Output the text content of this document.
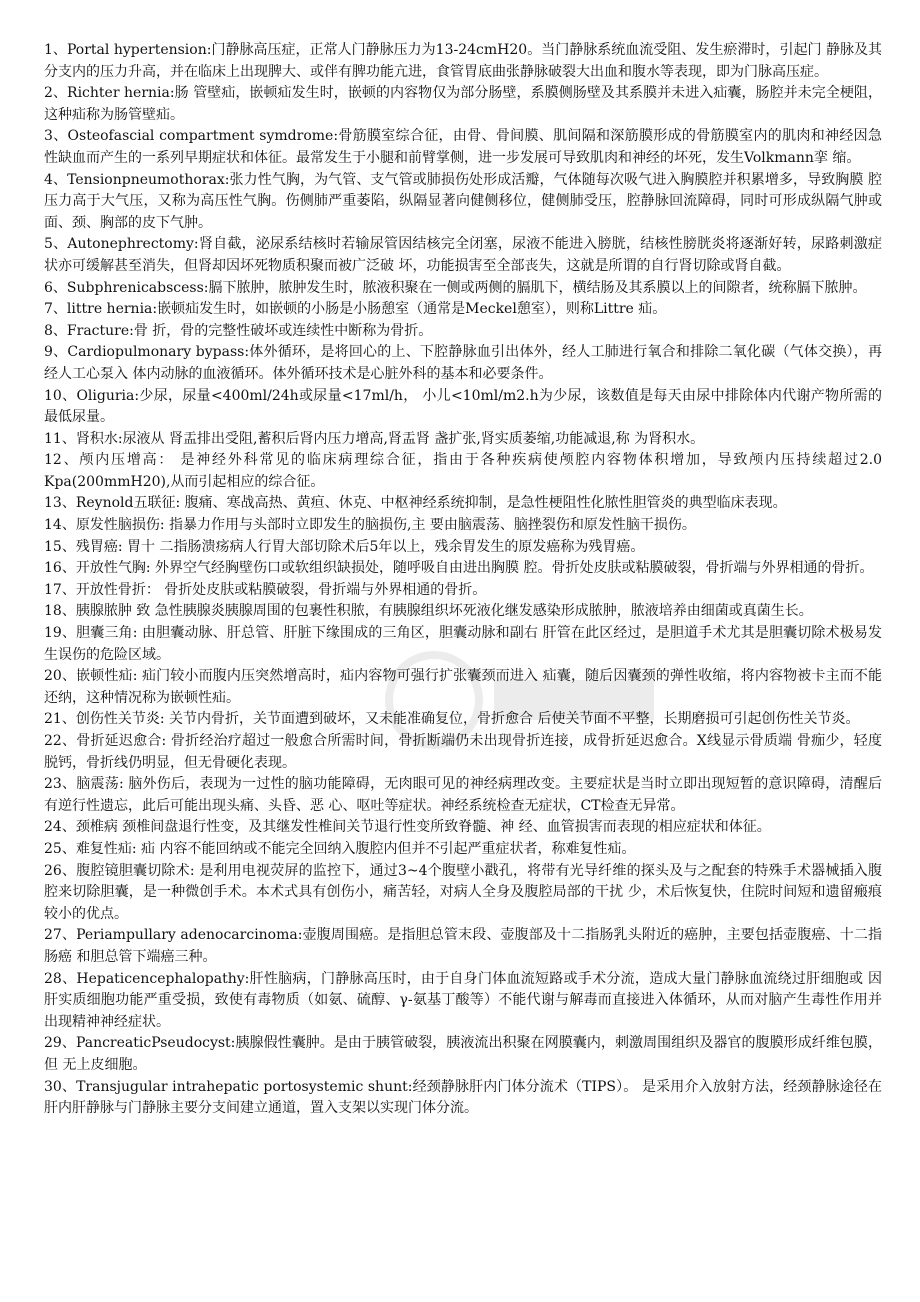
1、Portal hypertension:门静脉高压症，正常人门静脉压力为13-24cmH20。当门静脉系统血流受阻、发生瘀滞时，引起门 静脉及其分支内的压力升高，并在临床上出现脾大、或伴有脾功能亢进，食管胃底曲张静脉破裂大出血和腹水等表现，即为门脉高压症。

2、Richter hernia:肠 管壁疝，嵌顿疝发生时，嵌顿的内容物仅为部分肠壁，系膜侧肠壁及其系膜并未进入疝囊，肠腔并未完全梗阻，这种疝称为肠管壁疝。

3、Osteofascial compartment symdrome:骨筋膜室综合征，由骨、骨间膜、肌间隔和深筋膜形成的骨筋膜室内的肌肉和神经因急 性缺血而产生的一系列早期症状和体征。最常发生于小腿和前臂掌侧，进一步发展可导致肌肉和神经的坏死，发生Volkmann挛 缩。

4、Tensionpneumothorax:张力性气胸，为气管、支气管或肺损伤处形成活瓣，气体随每次吸气进入胸膜腔并积累增多，导致胸膜 腔压力高于大气压，又称为高压性气胸。伤侧肺严重萎陷，纵隔显著向健侧移位，健侧肺受压，腔静脉回流障碍，同时可形成纵隔气肿或面、颈、胸部的皮下气肿。

5、Autonephrectomy:肾自截，泌尿系结核时若输尿管因结核完全闭塞，尿液不能进入膀胱，结核性膀胱炎将逐渐好转，尿路刺激症状亦可缓解甚至消失，但肾却因坏死物质积聚而被广泛破 坏，功能损害至全部丧失，这就是所谓的自行肾切除或肾自截。

6、Subphrenicabscess:膈下脓肿，脓肿发生时，脓液积聚在一侧或两侧的膈肌下，横结肠及其系膜以上的间隙者，统称膈下脓肿。

7、littre hernia:嵌顿疝发生时，如嵌顿的小肠是小肠憩室（通常是Meckel憩室），则称Littre 疝。

8、Fracture:骨 折，骨的完整性破坏或连续性中断称为骨折。

9、Cardiopulmonary bypass:体外循环，是将回心的上、下腔静脉血引出体外，经人工肺进行氧合和排除二氧化碳（气体交换），再经人工心泵入 体内动脉的血液循环。体外循环技术是心脏外科的基本和必要条件。

10、Oliguria:少尿，尿量<400ml/24h或尿量<17ml/h， 小儿<10ml/m2.h为少尿，该数值是每天由尿中排除体内代谢产物所需的最低尿量。

11、肾积水:尿液从 肾盂排出受阻,蓄积后肾内压力增高,肾盂肾 盏扩张,肾实质萎缩,功能减退,称 为肾积水。

12、颅内压增高： 是神经外科常见的临床病理综合征，指由于各种疾病使颅腔内容物体积增加，导致颅内压持续超过2.0 Kpa(200mmH20),从而引起相应的综合征。

13、Reynold五联征: 腹痛、寒战高热、黄疸、休克、中枢神经系统抑制，是急性梗阻性化脓性胆管炎的典型临床表现。

14、原发性脑损伤: 指暴力作用与头部时立即发生的脑损伤,主 要由脑震荡、脑挫裂伤和原发性脑干损伤。

15、残胃癌: 胃十 二指肠溃疡病人行胃大部切除术后5年以上，残余胃发生的原发癌称为残胃癌。

16、开放性气胸: 外界空气经胸壁伤口或软组织缺损处，随呼吸自由进出胸膜 腔。骨折处皮肤或粘膜破裂，骨折端与外界相通的骨折。

17、开放性骨折： 骨折处皮肤或粘膜破裂，骨折端与外界相通的骨折。

18、胰腺脓肿 致 急性胰腺炎胰腺周围的包裹性积脓，有胰腺组织坏死液化继发感染形成脓肿，脓液培养由细菌或真菌生长。

19、胆囊三角: 由胆囊动脉、肝总管、肝脏下缘围成的三角区，胆囊动脉和副右 肝管在此区经过，是胆道手术尤其是胆囊切除术极易发生误伤的危险区域。

20、嵌顿性疝: 疝门较小而腹内压突然增高时，疝内容物可强行扩张囊颈而进入 疝囊，随后因囊颈的弹性收缩，将内容物被卡主而不能还纳，这种情况称为嵌顿性疝。

21、创伤性关节炎: 关节内骨折，关节面遭到破坏，又未能准确复位，骨折愈合 后使关节面不平整，长期磨损可引起创伤性关节炎。

22、骨折延迟愈合: 骨折经治疗超过一般愈合所需时间，骨折断端仍未出现骨折连接，成骨折延迟愈合。X线显示骨质端 骨痂少，轻度脱钙，骨折线仍明显，但无骨硬化表现。

23、脑震荡: 脑外伤后，表现为一过性的脑功能障碍，无肉眼可见的神经病理改变。主要症状是当时立即出现短暂的意识障碍，清醒后有逆行性遗忘，此后可能出现头痛、头昏、恶 心、呕吐等症状。神经系统检查无症状，CT检查无异常。

24、颈椎病 颈椎间盘退行性变，及其继发性椎间关节退行性变所致脊髓、神 经、血管损害而表现的相应症状和体征。

25、难复性疝: 疝 内容不能回纳或不能完全回纳入腹腔内但并不引起严重症状者，称难复性疝。

26、腹腔镜胆囊切除术: 是利用电视荧屏的监控下，通过3~4个腹壁小戳孔，将带有光导纤维的探头及与之配套的特殊手术器械插入腹腔来切除胆囊，是一种微创手术。本术式具有创伤小，痛苦轻，对病人全身及腹腔局部的干扰 少，术后恢复快，住院时间短和遗留瘢痕较小的优点。

27、Periampullary adenocarcinoma:壶腹周围癌。是指胆总管末段、壶腹部及十二指肠乳头附近的癌肿，主要包括壶腹癌、十二指肠癌 和胆总管下端癌三种。

28、Hepaticencephalopathy:肝性脑病，门静脉高压时，由于自身门体血流短路或手术分流，造成大量门静脉血流绕过肝细胞或 因肝实质细胞功能严重受损，致使有毒物质（如氨、硫醇、γ-氨基丁酸等）不能代谢与解毒而直接进入体循环，从而对脑产生毒性作用并出现精神神经症状。

29、PancreaticPseudocyst:胰腺假性囊肿。是由于胰管破裂，胰液流出积聚在网膜囊内，刺激周围组织及器官的腹膜形成纤维包膜，但 无上皮细胞。

30、Transjugular intrahepatic portosystemic shunt:经颈静脉肝内门体分流术（TIPS）。 是采用介入放射方法，经颈静脉途径在肝内肝静脉与门静脉主要分支间建立通道，置入支架以实现门体分流。
